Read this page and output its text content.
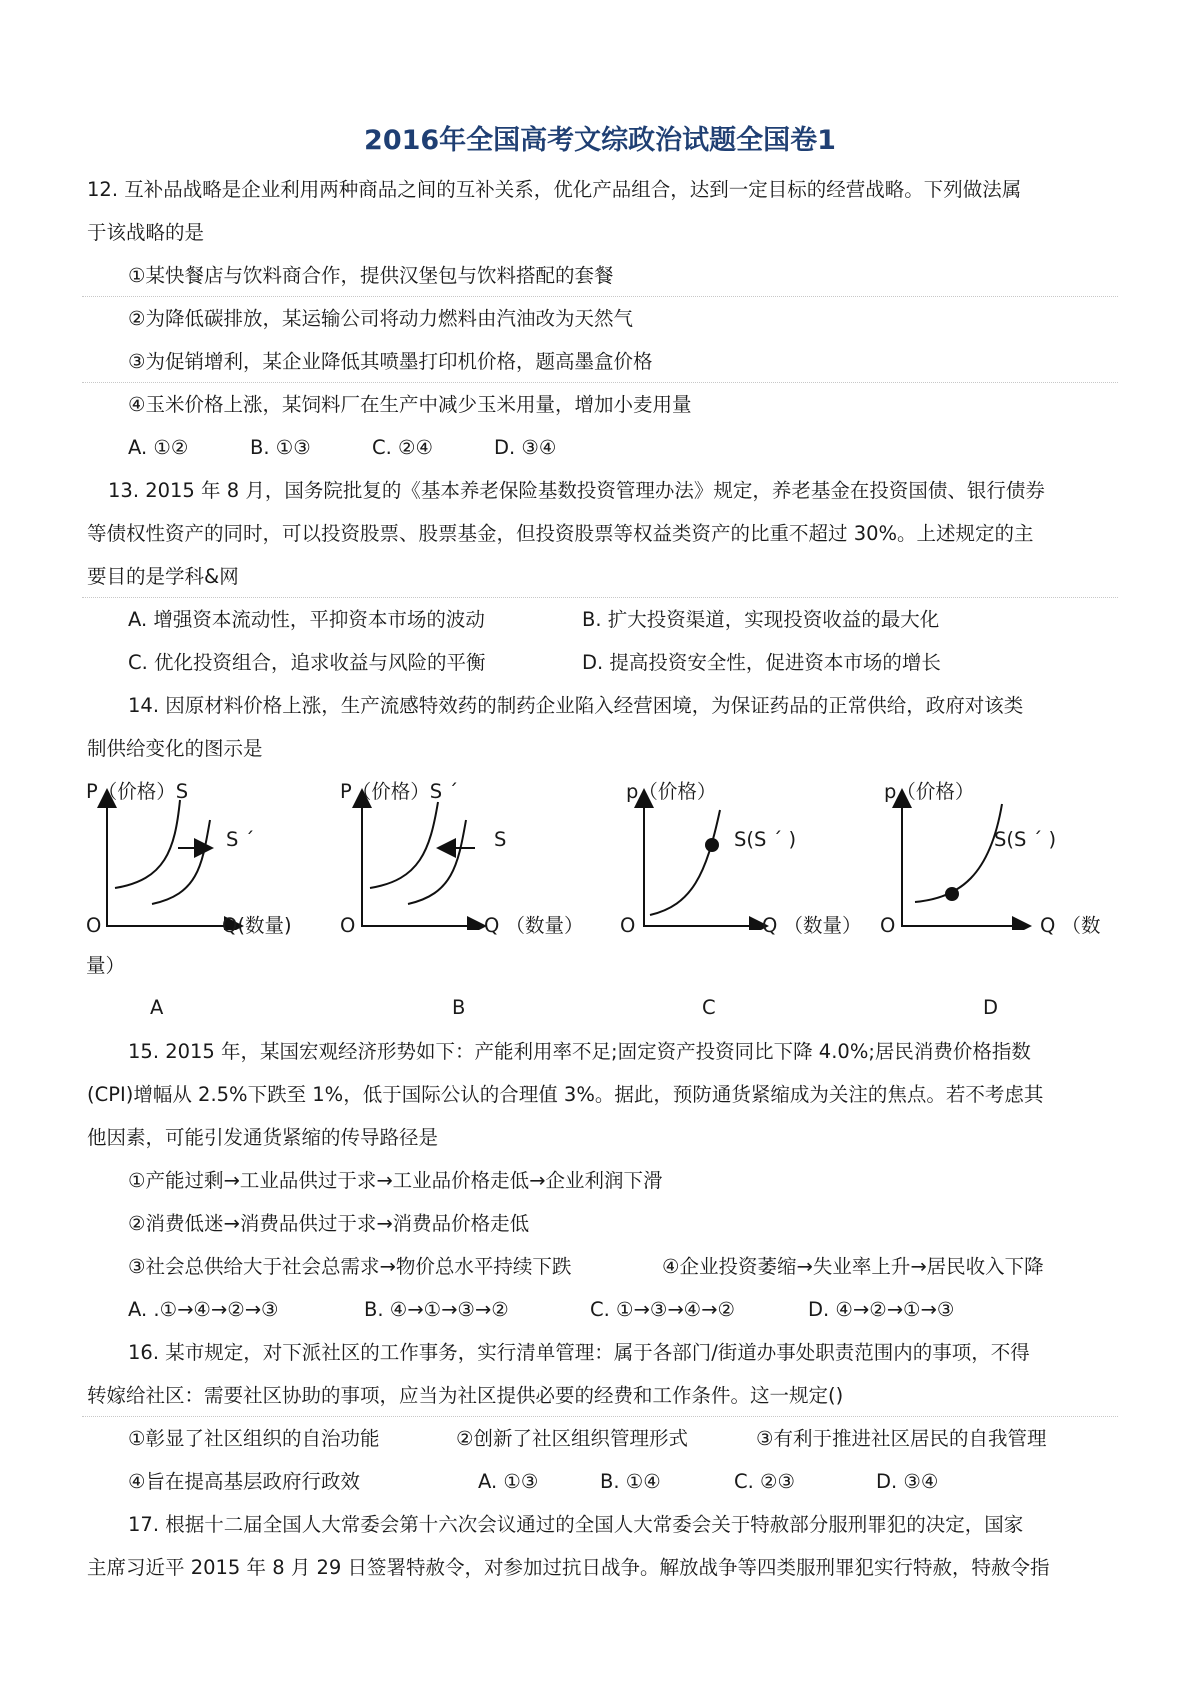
2016年全国高考文综政治试题全国卷1
12. 互补品战略是企业利用两种商品之间的互补关系，优化产品组合，达到一定目标的经营战略。下列做法属
于该战略的是
①某快餐店与饮料商合作，提供汉堡包与饮料搭配的套餐
②为降低碳排放，某运输公司将动力燃料由汽油改为天然气
③为促销增利，某企业降低其喷墨打印机价格，题高墨盒价格
④玉米价格上涨，某饲料厂在生产中减少玉米用量，增加小麦用量
A. ①②	B. ①③	C. ②④	D. ③④
13. 2015 年 8 月，国务院批复的《基本养老保险基数投资管理办法》规定，养老基金在投资国债、银行债券
等债权性资产的同时，可以投资股票、股票基金，但投资股票等权益类资产的比重不超过 30%。上述规定的主
要目的是学科&网
A. 增强资本流动性，平抑资本市场的波动	B. 扩大投资渠道，实现投资收益的最大化
C. 优化投资组合，追求收益与风险的平衡	D. 提高投资安全性，促进资本市场的增长
14. 因原材料价格上涨，生产流感特效药的制药企业陷入经营困境，为保证药品的正常供给，政府对该类
制供给变化的图示是
P（价格）S
S ´
O	Q(数量)
P（价格）S ´
S
O	Q （数量）
p（价格）
S(S ´ )
O	Q （数量）
p（价格）
S(S ´ )
O	Q （数
量）
A	B	C	D
15. 2015 年，某国宏观经济形势如下：产能利用率不足;固定资产投资同比下降 4.0%;居民消费价格指数
(CPI)增幅从 2.5%下跌至 1%，低于国际公认的合理值 3%。据此，预防通货紧缩成为关注的焦点。若不考虑其
他因素，可能引发通货紧缩的传导路径是
①产能过剩→工业品供过于求→工业品价格走低→企业利润下滑
②消费低迷→消费品供过于求→消费品价格走低
③社会总供给大于社会总需求→物价总水平持续下跌	④企业投资萎缩→失业率上升→居民收入下降
A. .①→④→②→③	B. ④→①→③→②	C. ①→③→④→②	D. ④→②→①→③
16. 某市规定，对下派社区的工作事务，实行清单管理：属于各部门/街道办事处职责范围内的事项，不得
转嫁给社区：需要社区协助的事项，应当为社区提供必要的经费和工作条件。这一规定()
①彰显了社区组织的自治功能	②创新了社区组织管理形式	③有利于推进社区居民的自我管理
④旨在提高基层政府行政效	A. ①③	B. ①④	C. ②③	D. ③④
17. 根据十二届全国人大常委会第十六次会议通过的全国人大常委会关于特赦部分服刑罪犯的决定，国家
主席习近平 2015 年 8 月 29 日签署特赦令，对参加过抗日战争。解放战争等四类服刑罪犯实行特赦，特赦令指
